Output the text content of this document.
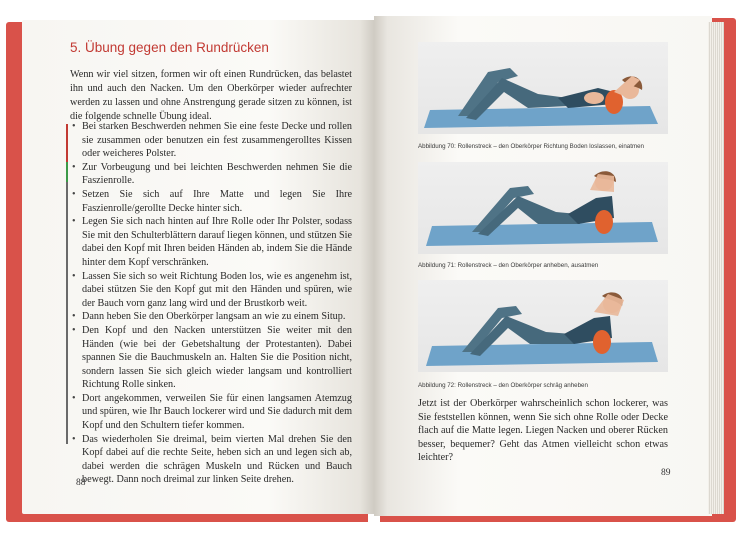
5. Übung gegen den Rundrücken

Wenn wir viel sitzen, formen wir oft einen Rundrücken, das belastet ihn und auch den Nacken. Um den Oberkörper wieder aufrechter werden zu lassen und ohne Anstrengung gerade sitzen zu können, ist die folgende schnelle Übung ideal.

• Bei starken Beschwerden nehmen Sie eine feste Decke und rollen sie zusammen oder benutzen ein fest zusammengerolltes Kissen oder weicheres Polster.
• Zur Vorbeugung und bei leichten Beschwerden nehmen Sie die Faszienrolle.
• Setzen Sie sich auf Ihre Matte und legen Sie Ihre Faszienrolle/gerollte Decke hinter sich.
• Legen Sie sich nach hinten auf Ihre Rolle oder Ihr Polster, sodass Sie mit den Schulterblättern darauf liegen können, und stützen Sie dabei den Kopf mit Ihren beiden Händen ab, indem Sie die Hände hinter dem Kopf verschränken.
• Lassen Sie sich so weit Richtung Boden los, wie es angenehm ist, dabei stützen Sie den Kopf gut mit den Händen und spüren, wie der Bauch vorn ganz lang wird und der Brustkorb weit.
• Dann heben Sie den Oberkörper langsam an wie zu einem Situp.
• Den Kopf und den Nacken unterstützen Sie weiter mit den Händen (wie bei der Gebetshaltung der Protestanten). Dabei spannen Sie die Bauchmuskeln an. Halten Sie die Position nicht, sondern lassen Sie sich gleich wieder langsam und kontrolliert Richtung Rolle sinken.
• Dort angekommen, verweilen Sie für einen langsamen Atemzug und spüren, wie Ihr Bauch lockerer wird und Sie dadurch mit dem Kopf und den Schultern tiefer kommen.
• Das wiederholen Sie dreimal, beim vierten Mal drehen Sie den Kopf dabei auf die rechte Seite, heben sich an und legen sich ab, dabei werden die schrägen Muskeln und Rücken und Bauch bewegt. Dann noch dreimal zur linken Seite drehen.
88
Abbildung 70: Rollenstreck – den Oberkörper Richtung Boden loslassen, einatmen
Abbildung 71: Rollenstreck – den Oberkörper anheben, ausatmen
Abbildung 72: Rollenstreck – den Oberkörper schräg anheben

Jetzt ist der Oberkörper wahrscheinlich schon lockerer, was Sie feststellen können, wenn Sie sich ohne Rolle oder Decke flach auf die Matte legen. Liegen Nacken und oberer Rücken besser, bequemer? Geht das Atmen vielleicht schon etwas leichter?

89
